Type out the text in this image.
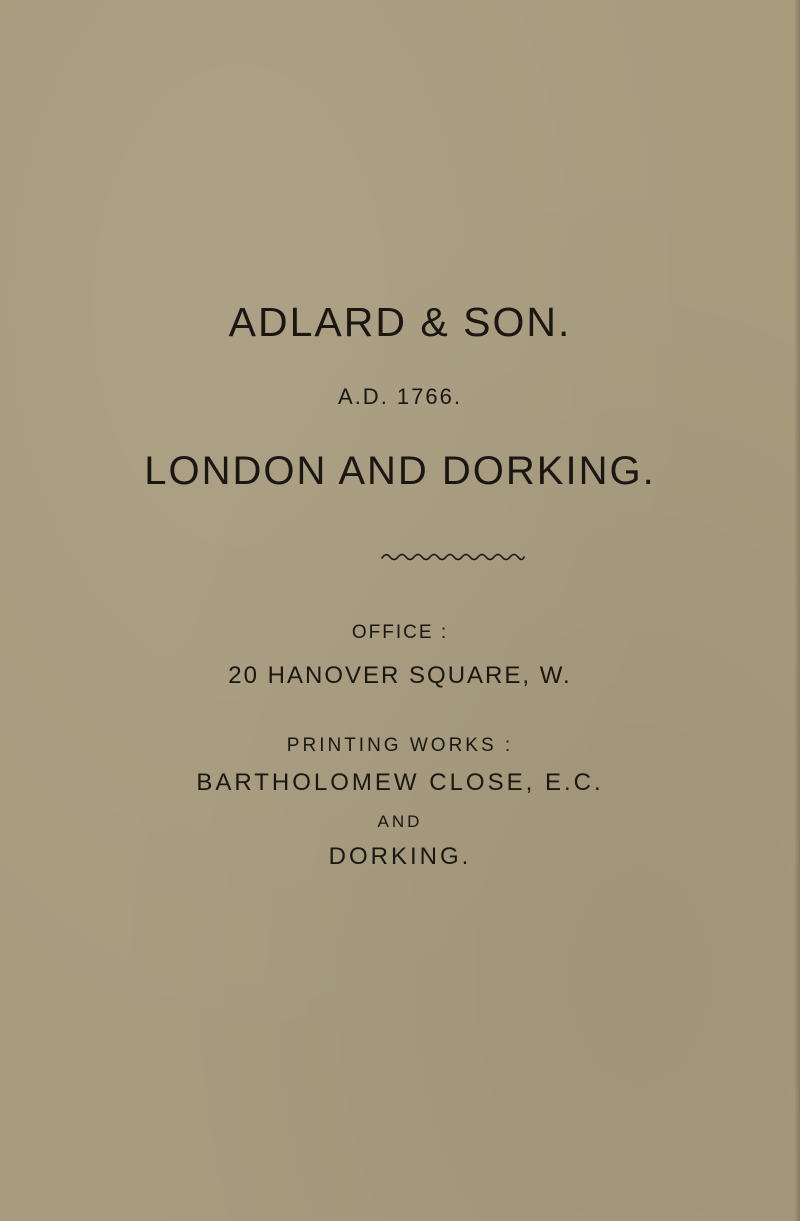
ADLARD & SON.
A.D. 1766.
LONDON AND DORKING.
OFFICE :
20 HANOVER SQUARE, W.
PRINTING WORKS :
BARTHOLOMEW CLOSE, E.C.
AND
DORKING.
